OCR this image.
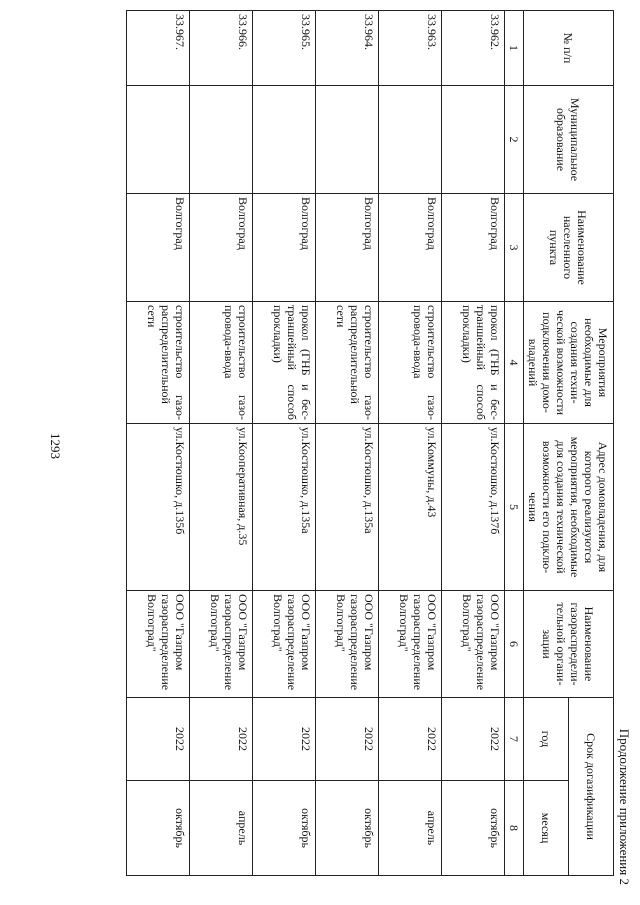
1293
Продолжение приложения 2
№ п/п	Муниципальное образование	Наименование населенного пункта	Мероприятия необходимые для создания техни-ческой возможности подключения домо-владений	Адрес домовладения, для которого реализуются мероприятия, необходимые для создания технической возможности его подклю-чения	Наименование газораспредели-тельной органи-зации	Срок догазификации	
						год	месяц
1	2	3	4	5	6	7	8
33.962.		Волгоград	прокол (ГНБ и бес-траншейный способ прокладки)	ул.Костюшко, д.137б	ООО "Газпром газораспределение Волгоград"	2022	октябрь
33.963.		Волгоград	строительство газо-провода-ввода	ул.Коммуны, д.43	ООО "Газпром газораспределение Волгоград"	2022	апрель
33.964.		Волгоград	строительство газо-распределительной сети	ул.Костюшко, д.135а	ООО "Газпром газораспределение Волгоград"	2022	октябрь
33.965.		Волгоград	прокол (ГНБ и бес-траншейный способ прокладки)	ул.Костюшко, д.135а	ООО "Газпром газораспределение Волгоград"	2022	октябрь
33.966.		Волгоград	строительство газо-провода-ввода	ул.Кооперативная, д.35	ООО "Газпром газораспределение Волгоград"	2022	апрель
33.967.		Волгоград	строительство газо-распределительной сети	ул.Костюшко, д.135б	ООО "Газпром газораспределение Волгоград"	2022	октябрь
